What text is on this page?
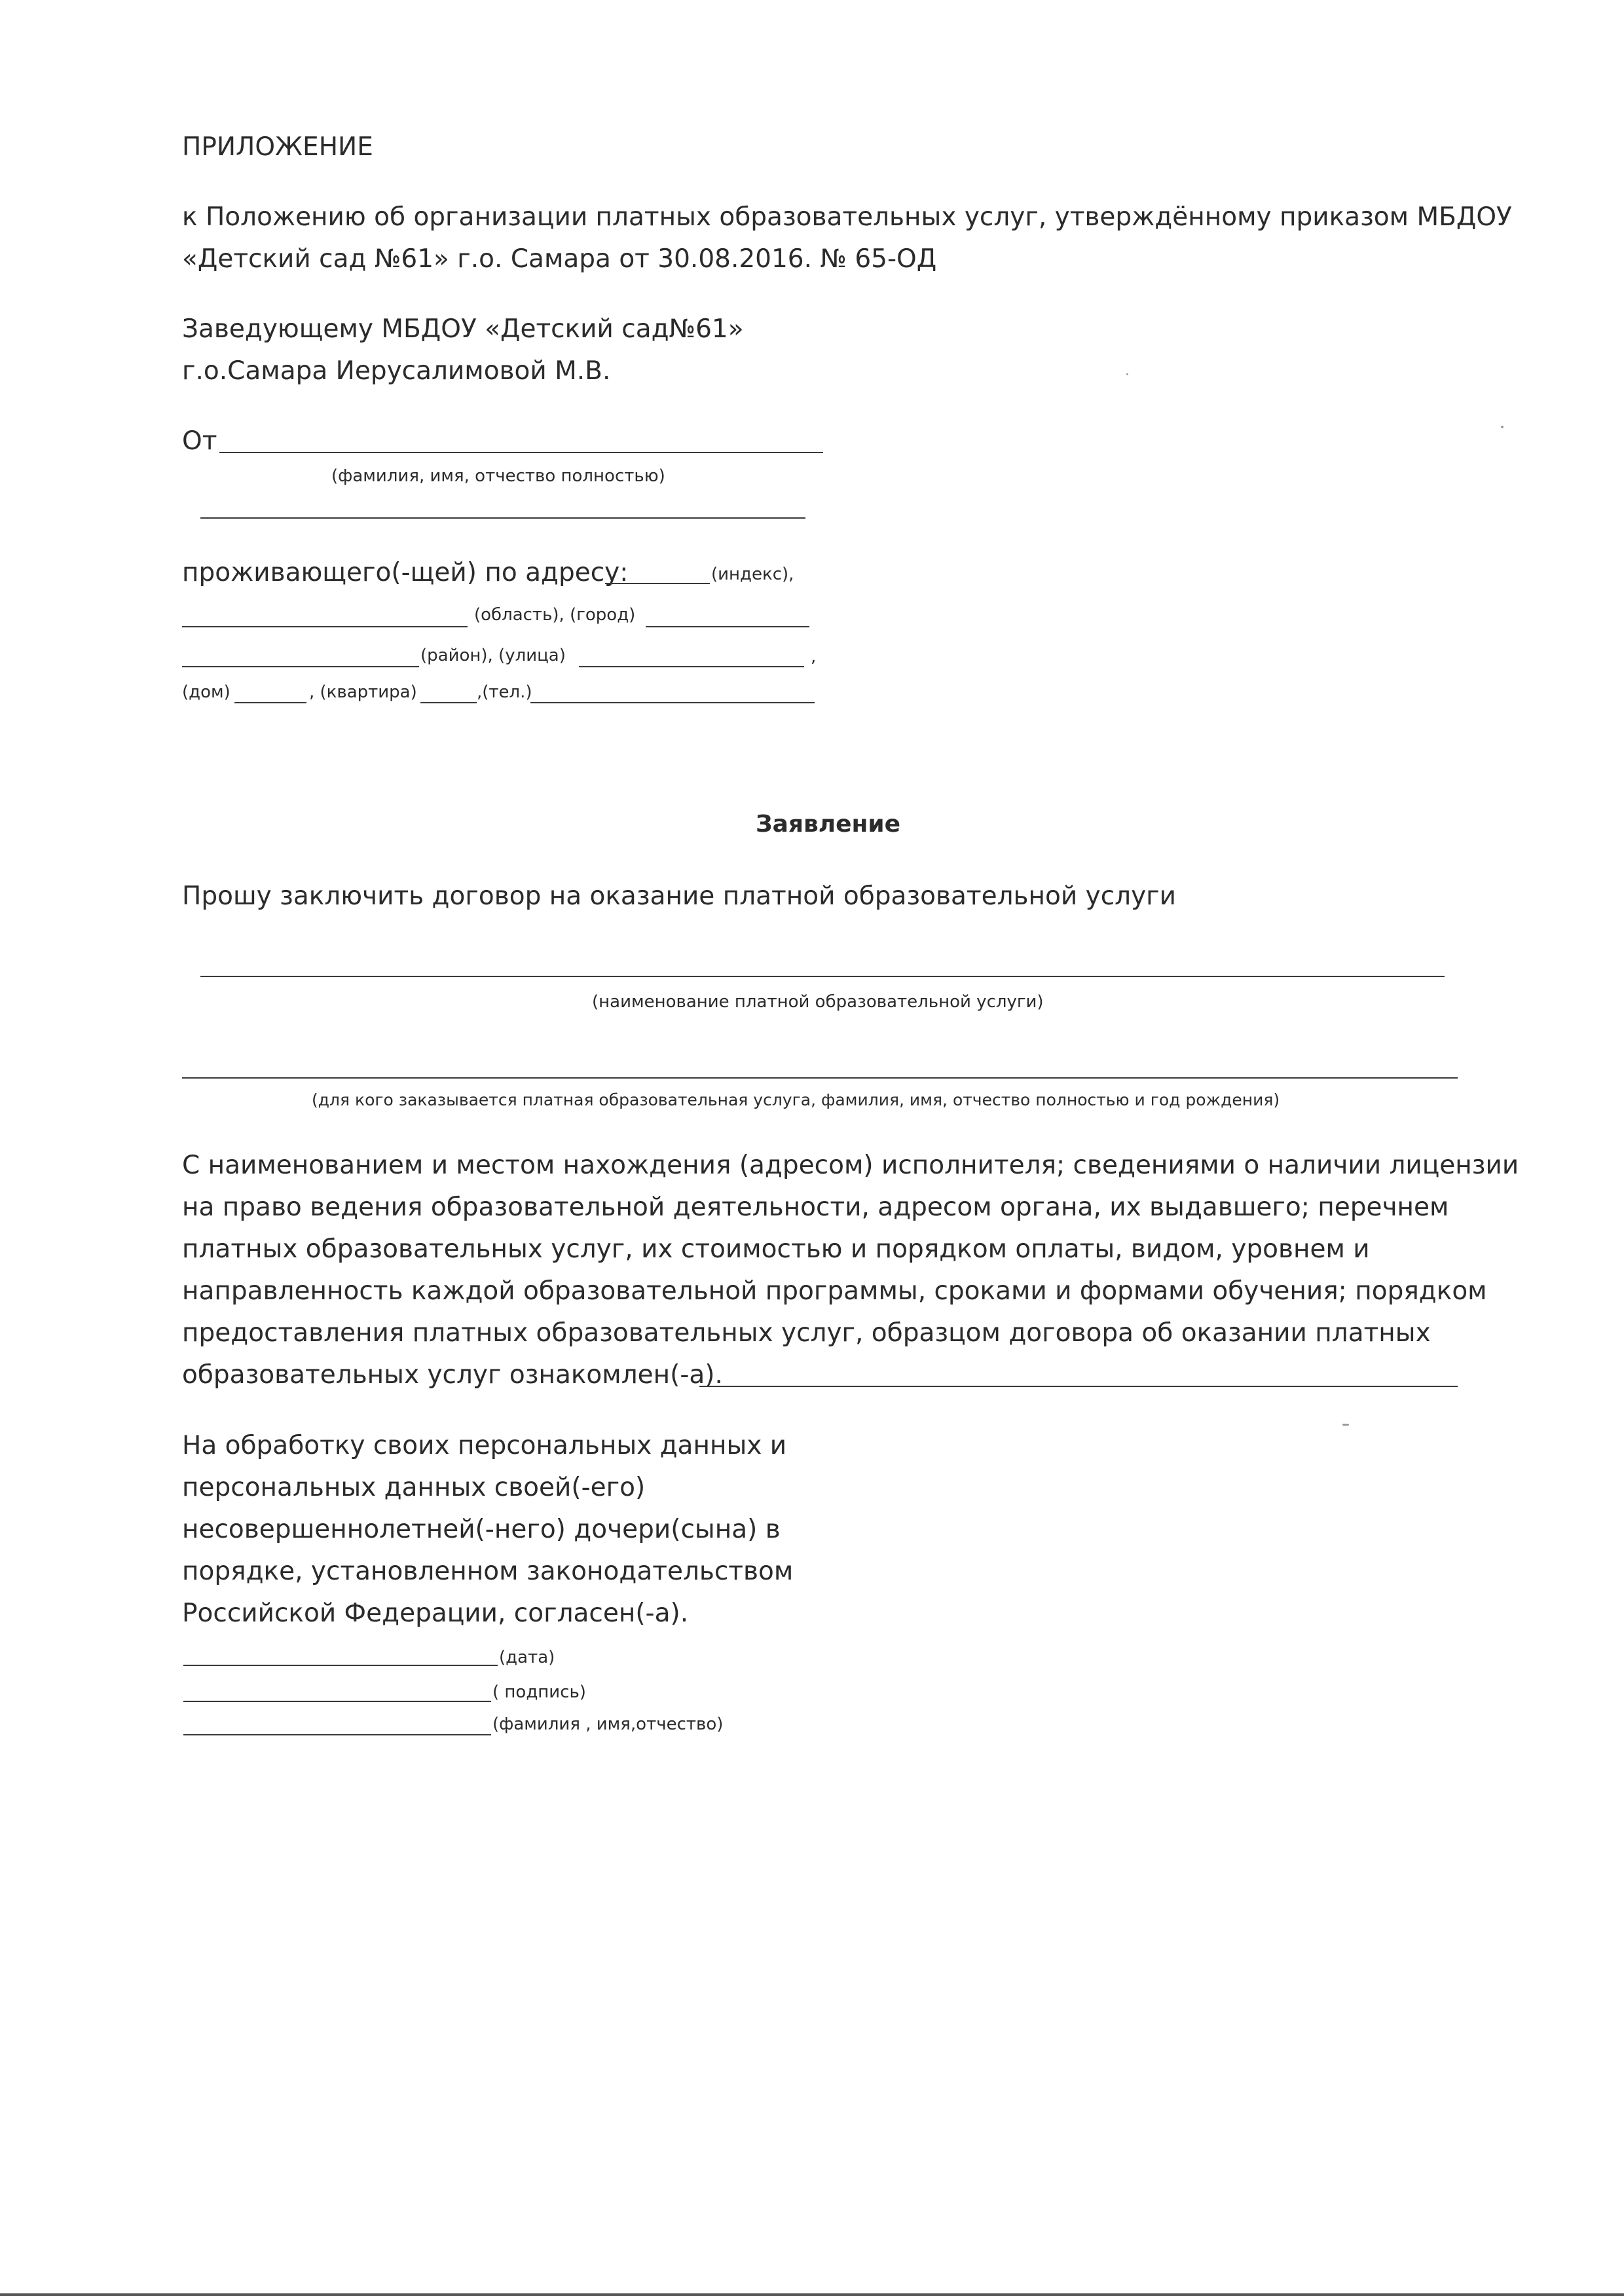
ПРИЛОЖЕНИЕ
к Положению об организации платных образовательных услуг, утверждённому приказом МБДОУ
«Детский сад №61» г.о. Самара от 30.08.2016. № 65-ОД
Заведующему МБДОУ «Детский сад№61»
г.о.Самара Иерусалимовой М.В.
От
(фамилия, имя, отчество полностью)
проживающего(-щей) по адресу:	(индекс),
(область), (город)
(район), (улица)	,
(дом)	, (квартира)	,(тел.)
Заявление
Прошу заключить договор на оказание платной образовательной услуги
(наименование платной образовательной услуги)
(для кого заказывается платная образовательная услуга, фамилия, имя, отчество полностью и год рождения)
С наименованием и местом нахождения (адресом) исполнителя; сведениями о наличии лицензии
на право ведения образовательной деятельности, адресом органа, их выдавшего; перечнем
платных образовательных услуг, их стоимостью и порядком оплаты, видом, уровнем и
направленность каждой образовательной программы, сроками и формами обучения; порядком
предоставления платных образовательных услуг, образцом договора об оказании платных
образовательных услуг ознакомлен(-а).
На обработку своих персональных данных и
персональных данных своей(-его)
несовершеннолетней(-него) дочери(сына) в
порядке, установленном законодательством
Российской Федерации, согласен(-а).
(дата)
( подпись)
(фамилия , имя,отчество)
